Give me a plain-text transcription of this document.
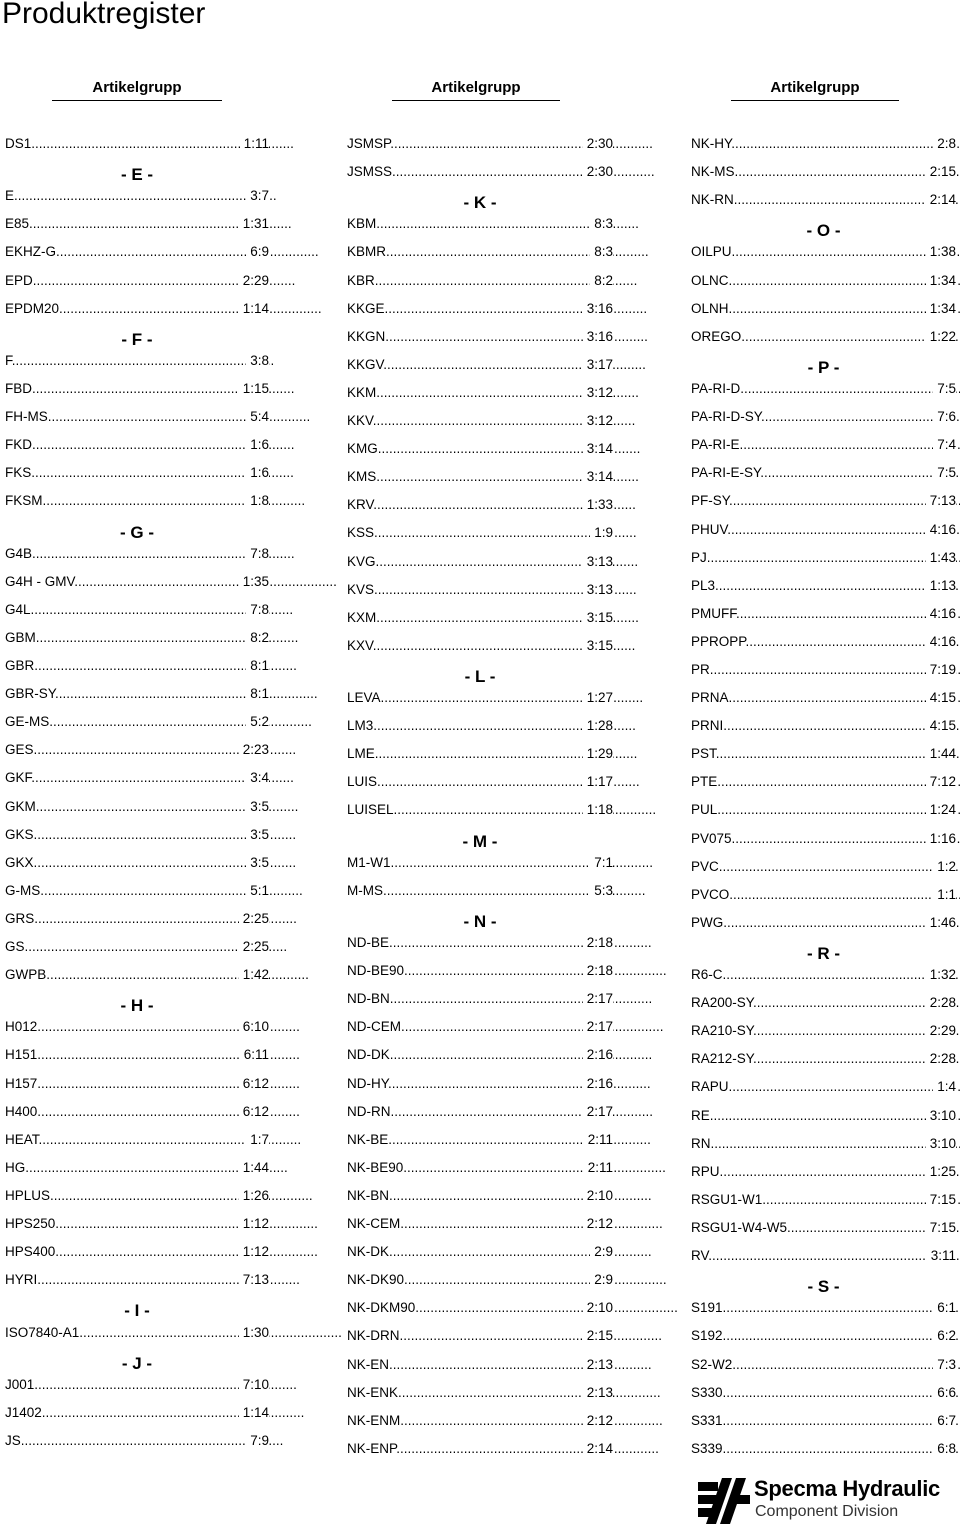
Produktregister
Artikelgrupp	Artikelgrupp	Artikelgrupp
DS1 .....	1:11
- E -
E .....	3:7
E85 .....	1:31
EKHZ-G .....	6:9
EPD .....	2:29
EPDM20 .....	1:14
- F -
F .....	3:8
FBD .....	1:15
FH-MS .....	5:4
FKD .....	1:6
FKS .....	1:6
FKSM .....	1:8
- G -
G4B .....	7:8
G4H - GMV .....	1:35
G4L .....	7:8
GBM .....	8:2
GBR .....	8:1
GBR-SY .....	8:1
GE-MS .....	5:2
GES .....	2:23
GKF .....	3:4
GKM .....	3:5
GKS .....	3:5
GKX .....	3:5
G-MS .....	5:1
GRS .....	2:25
GS .....	2:25
GWPB .....	1:42
- H -
H012 .....	6:10
H151 .....	6:11
H157 .....	6:12
H400 .....	6:12
HEAT .....	1:7
HG .....	1:44
HPLUS .....	1:26
HPS250 .....	1:12
HPS400 .....	1:12
HYRI .....	7:13
- I -
ISO7840-A1 .....	1:30
- J -
J001 .....	7:10
J1402 .....	1:14
JS .....	7:9
JSMSP .....	2:30
JSMSS .....	2:30
- K -
KBM .....	8:3
KBMR .....	8:3
KBR .....	8:2
KKGE .....	3:16
KKGN .....	3:16
KKGV .....	3:17
KKM .....	3:12
KKV .....	3:12
KMG .....	3:14
KMS .....	3:14
KRV .....	1:33
KSS .....	1:9
KVG .....	3:13
KVS .....	3:13
KXM .....	3:15
KXV .....	3:15
- L -
LEVA .....	1:27
LM3 .....	1:28
LME .....	1:29
LUIS .....	1:17
LUISEL .....	1:18
- M -
M1-W1 .....	7:1
M-MS .....	5:3
- N -
ND-BE .....	2:18
ND-BE90 .....	2:18
ND-BN .....	2:17
ND-CEM .....	2:17
ND-DK .....	2:16
ND-HY .....	2:16
ND-RN .....	2:17
NK-BE .....	2:11
NK-BE90 .....	2:11
NK-BN .....	2:10
NK-CEM .....	2:12
NK-DK .....	2:9
NK-DK90 .....	2:9
NK-DKM90 .....	2:10
NK-DRN .....	2:15
NK-EN .....	2:13
NK-ENK .....	2:13
NK-ENM .....	2:12
NK-ENP .....	2:14
NK-HY .....	2:8
NK-MS .....	2:15
NK-RN .....	2:14
- O -
OILPU .....	1:38
OLNC .....	1:34
OLNH .....	1:34
OREGO .....	1:22
- P -
PA-RI-D .....	7:5
PA-RI-D-SY .....	7:6
PA-RI-E .....	7:4
PA-RI-E-SY .....	7:5
PF-SY .....	7:13
PHUV .....	4:16
PJ .....	1:43
PL3 .....	1:13
PMUFF .....	4:16
PPROPP .....	4:16
PR .....	7:19
PRNA .....	4:15
PRNI .....	4:15
PST .....	1:44
PTE .....	7:12
PUL .....	1:24
PV075 .....	1:16
PVC .....	1:2
PVCO .....	1:1
PWG .....	1:46
- R -
R6-C .....	1:32
RA200-SY .....	2:28
RA210-SY .....	2:29
RA212-SY .....	2:28
RAPU .....	1:4
RE .....	3:10
RN .....	3:10
RPU .....	1:25
RSGU1-W1 .....	7:15
RSGU1-W4-W5 .....	7:15
RV .....	3:11
- S -
S191 .....	6:1
S192 .....	6:2
S2-W2 .....	7:3
S330 .....	6:6
S331 .....	6:7
S339 .....	6:8
Specma Hydraulic
Component Division
